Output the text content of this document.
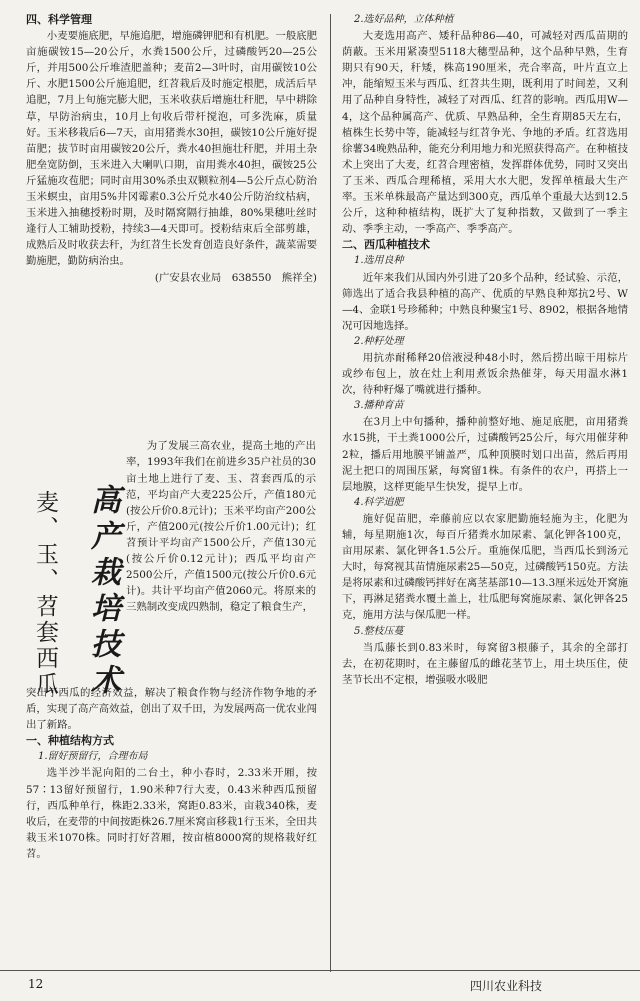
四、科学管理

小麦要施底肥，早施追肥，增施磷钾肥和有机肥。一般底肥亩施碳铵15—20公斤，水粪1500公斤，过磷酸钙20—25公斤，并用500公斤堆渣肥盖种；麦苗2—3叶时，亩用碳铵10公斤、水肥1500公斤施追肥，红苕栽后及时施定根肥，成活后早追肥，7月上旬施完膨大肥，玉米收获后增施壮秆肥，早中耕除草，早防治病虫，10月上旬收后带杆搅泡，可多洗麻，质量好。玉米移栽后6—7天，亩用猪粪水30担，碳铵10公斤施好提苗肥；拔节时亩用碳铵20公斤，粪水40担施壮秆肥，并用土杂肥垒宽防倒，玉米进入大喇叭口期，亩用粪水40担，碳铵25公斤猛施攻苞肥；同时亩用30%杀虫双颗粒剂4—5公斤点心防治玉米螟虫，亩用5%井冈霉素0.3公斤兑水40公斤防治纹枯病，玉米进入抽穗授粉时期，及时隔窝隔行抽雄，80%果穗吐丝时逢行人工辅助授粉，持续3—4天即可。授粉结束后全部剪雄，成熟后及时收获去秆，为红苕生长发育创造良好条件，蔬菜需要勤施肥，勤防病治虫。

(广安县农业局　638550　熊祥全)

高产栽培技术
麦、玉、苕套西瓜

为了发展三高农业，提高土地的产出率，1993年我们在前进乡35户社员的30亩土地上进行了麦、玉、苕套西瓜的示范，平均亩产大麦225公斤，产值180元(按公斤价0.8元计)；玉米平均亩产200公斤，产值200元(按公斤价1.00元计)；红苕预计平均亩产1500公斤，产值130元(按公斤价0.12元计)；西瓜平均亩产2500公斤，产值1500元(按公斤价0.6元计)。共计平均亩产值2060元。将原来的三熟制改变成四熟制，稳定了粮食生产，

突出了西瓜的经济效益，解决了粮食作物与经济作物争地的矛盾，实现了高产高效益，创出了双千田，为发展两高一优农业闯出了新路。

一、种植结构方式

1.留好预留行，合理布局

选半沙半泥向阳的二台土，种小春时，2.33米开厢，按57∶13留好预留行，1.90米种7行大麦，0.43米种西瓜预留行，西瓜种单行，株距2.33米，窝距0.83米，亩栽340株，麦收后，在麦带的中间按距株26.7厘米窝亩移栽1行玉米，全田共栽玉米1070株。同时打好苕厢，按亩植8000窝的规格栽好红苕。

2.选好品种，立体种植

大麦选用高产、矮秆品种86—40，可减轻对西瓜苗期的荫蔽。玉米用紧凑型5118大穗型品种，这个品种早熟，生育期只有90天，秆矮，株高190厘米，壳合率高，叶片直立上冲，能缩短玉米与西瓜、红苕共生期，既利用了时间差，又利用了品种自身特性，减轻了对西瓜、红苕的影响。西瓜用W—4，这个品种属高产、优质、早熟品种，全生育期85天左右，植株生长势中等，能减轻与红苕争光、争地的矛盾。红苕选用徐薯34晚熟品种，能充分利用地力和光照获得高产。在种植技术上突出了大麦，红苕合理密植，发挥群体优势，同时又突出了玉米、西瓜合理稀植，采用大水大肥，发挥单植最大生产率。玉米单株最高产量达到300克，西瓜单个重最大达到12.5公斤，这种种植结构，既扩大了复种指数，又做到了一季主动、季季主动，一季高产、季季高产。

二、西瓜种植技术

1.选用良种

近年来我们从国内外引进了20多个品种，经试验、示范，筛选出了适合我县种植的高产、优质的早熟良种郑抗2号、W—4、金联1号珍稀种；中熟良种聚宝1号、8902，根据各地情况可因地选择。

2.种籽处理

用抗赤耐稀释20倍液浸种48小时，然后捞出晾干用棕片或纱布包上，放在灶上利用煮饭余热催芽，每天用温水淋1次，待种籽爆了嘴就进行播种。

3.播种育苗

在3月上中旬播种，播种前整好地、施足底肥，亩用猪粪水15挑，干土粪1000公斤，过磷酸钙25公斤，每穴用催芽种2粒，播后用地膜平铺盖严，瓜种顶膜时划口出苗，然后再用泥土把口的周围压紧，每窝留1株。有条件的农户，再搭上一层地膜，这样更能早生快发，提早上市。

4.科学追肥

施好促苗肥，牵藤前应以农家肥勤施轻施为主，化肥为辅，每星期施1次，每百斤猪粪水加尿素、氯化钾各100克，亩用尿素、氯化钾各1.5公斤。重施保瓜肥，当西瓜长到汤元大时，每窝视其苗情施尿素25—50克，过磷酸钙150克。方法是将尿素和过磷酸钙拌好在离茎基部10—13.3厘米远处开窝施下，再淋足猪粪水覆土盖上，壮瓜肥每窝施尿素、氯化钾各25克，施用方法与保瓜肥一样。

5.整枝压蔓

当瓜藤长到0.83米时，每窝留3根藤子，其余的全部打去，在初花期时，在主藤留瓜的雌花茎节上，用土块压住，使茎节长出不定根，增强吸水吸肥

12	四川农业科技
